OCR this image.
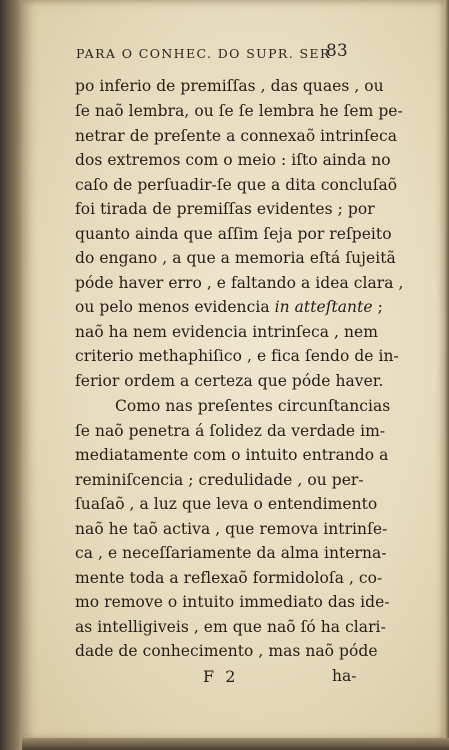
PARA O CONHEC. DO SUPR. SER
83
po inferio de premiſſas , das quaes , ou
ſe naõ lembra, ou ſe ſe lembra he ſem pe-
netrar de preſente a connexaõ intrinſeca
dos extremos com o meio : iſto ainda no
caſo de perſuadir-ſe que a dita concluſaõ
foi tirada de premiſſas evidentes ; por
quanto ainda que aſſim ſeja por reſpeito
do engano , a que a memoria eſtá ſujeitã
póde haver erro , e faltando a idea clara ,
ou pelo menos evidencia in atteſtante ;
naõ ha nem evidencia intrinſeca , nem
criterio methaphiſico , e fica ſendo de in-
ferior ordem a certeza que póde haver.
Como nas preſentes circunſtancias
ſe naõ penetra á ſolidez da verdade im-
mediatamente com o intuito entrando a
reminiſcencia ; credulidade , ou per-
ſuaſaõ , a luz que leva o entendimento
naõ he taõ activa , que remova intrinſe-
ca , e neceſſariamente da alma interna-
mente toda a reflexaõ formidoloſa , co-
mo remove o intuito immediato das ide-
as intelligiveis , em que naõ ſó ha clari-
dade de conhecimento , mas naõ póde
F 2	ha-
